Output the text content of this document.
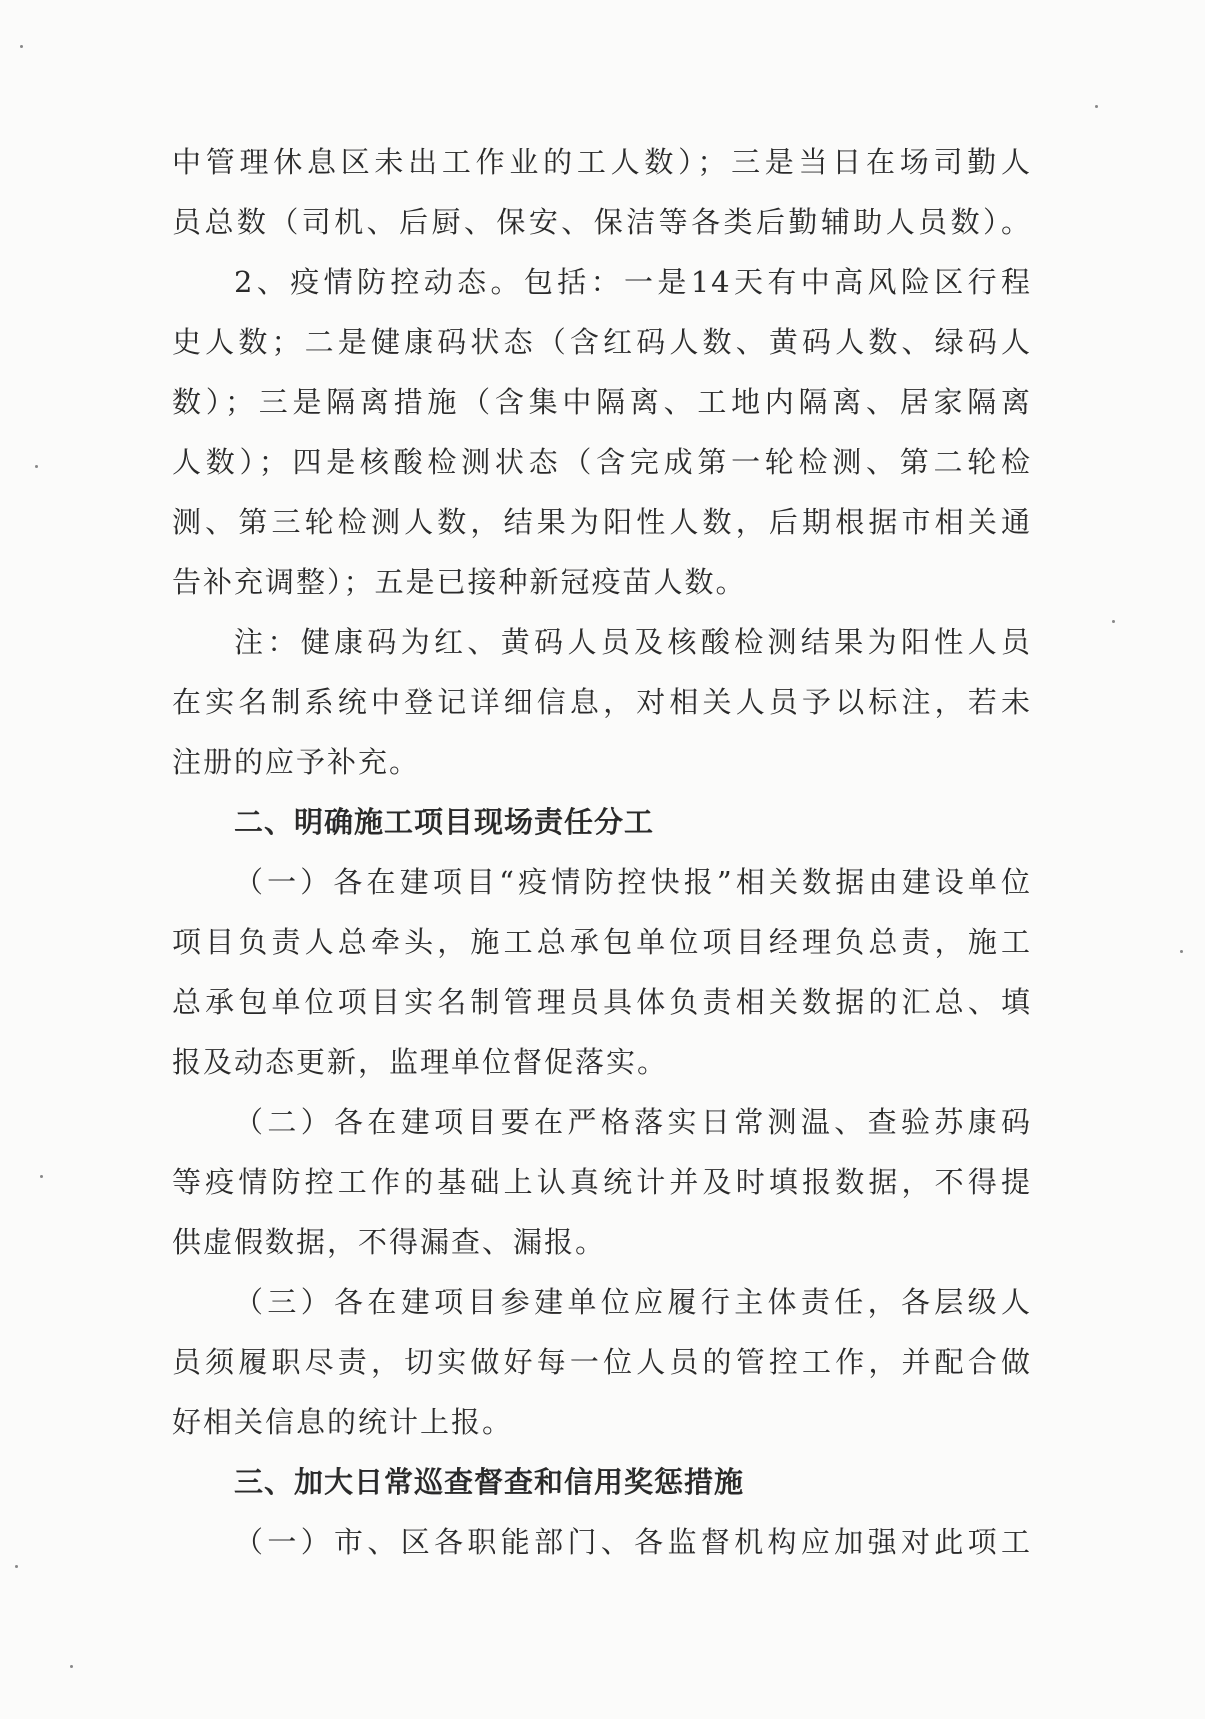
中管理休息区未出工作业的工人数）；三是当日在场司勤人
员总数（司机、后厨、保安、保洁等各类后勤辅助人员数）。
2、疫情防控动态。包括：一是14天有中高风险区行程
史人数；二是健康码状态（含红码人数、黄码人数、绿码人
数）；三是隔离措施（含集中隔离、工地内隔离、居家隔离
人数）；四是核酸检测状态（含完成第一轮检测、第二轮检
测、第三轮检测人数，结果为阳性人数，后期根据市相关通
告补充调整）；五是已接种新冠疫苗人数。
注：健康码为红、黄码人员及核酸检测结果为阳性人员
在实名制系统中登记详细信息，对相关人员予以标注，若未
注册的应予补充。
二、明确施工项目现场责任分工
（一）各在建项目“疫情防控快报”相关数据由建设单位
项目负责人总牵头，施工总承包单位项目经理负总责，施工
总承包单位项目实名制管理员具体负责相关数据的汇总、填
报及动态更新，监理单位督促落实。
（二）各在建项目要在严格落实日常测温、查验苏康码
等疫情防控工作的基础上认真统计并及时填报数据，不得提
供虚假数据，不得漏查、漏报。
（三）各在建项目参建单位应履行主体责任，各层级人
员须履职尽责，切实做好每一位人员的管控工作，并配合做
好相关信息的统计上报。
三、加大日常巡查督查和信用奖惩措施
（一）市、区各职能部门、各监督机构应加强对此项工
